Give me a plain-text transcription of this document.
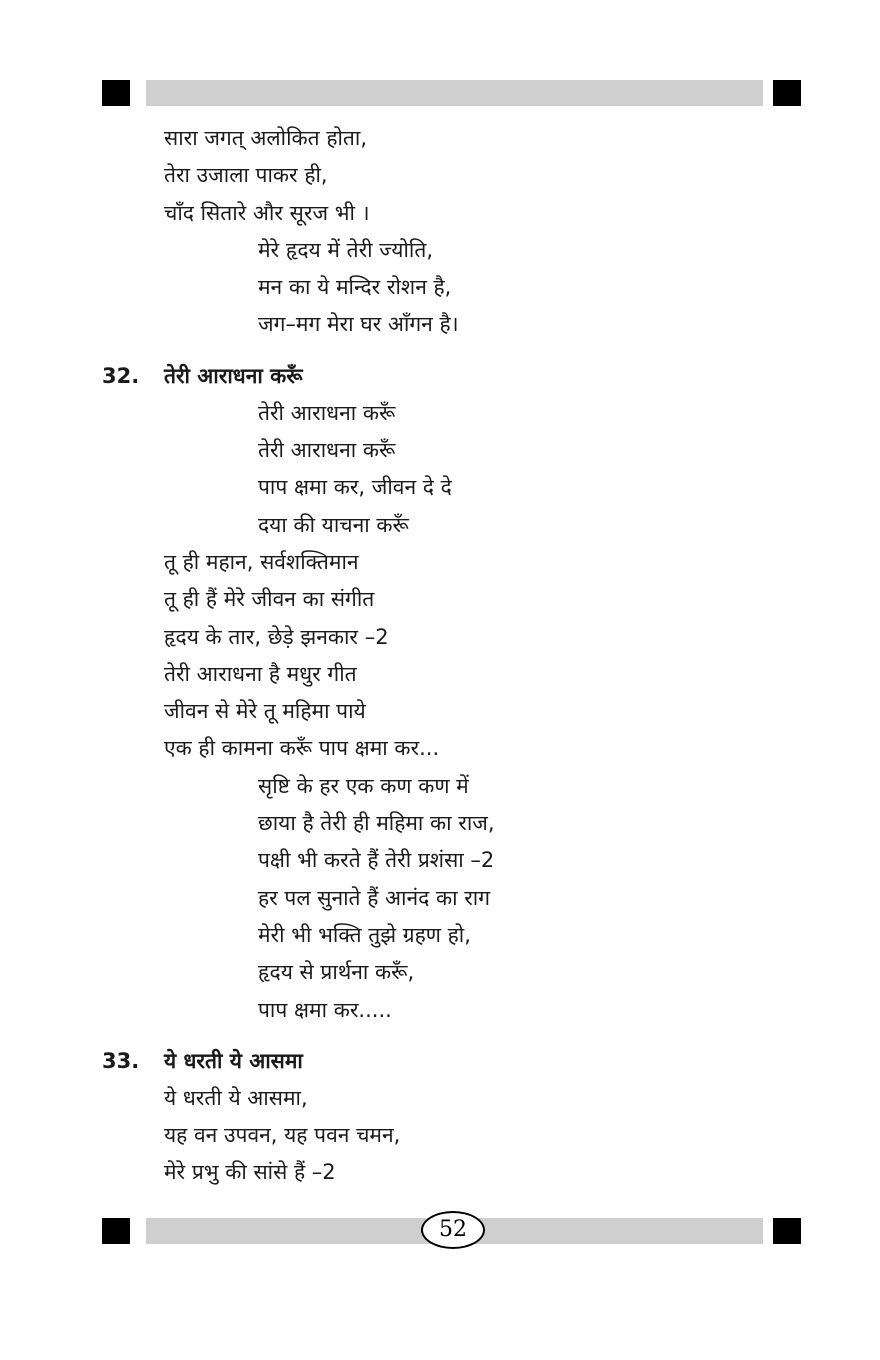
सारा जगत् अलोकित होता,
तेरा उजाला पाकर ही,
चाँद सितारे और सूरज भी ।
मेरे हृदय में तेरी ज्योति,
मन का ये मन्दिर रोशन है,
जग–मग मेरा घर आँगन है।
32. तेरी आराधना करूँ
तेरी आराधना करूँ
तेरी आराधना करूँ
पाप क्षमा कर, जीवन दे दे
दया की याचना करूँ
तू ही महान, सर्वशक्तिमान
तू ही हैं मेरे जीवन का संगीत
हृदय के तार, छेड़े झनकार –2
तेरी आराधना है मधुर गीत
जीवन से मेरे तू महिमा पाये
एक ही कामना करूँ पाप क्षमा कर...
सृष्टि के हर एक कण कण में
छाया है तेरी ही महिमा का राज,
पक्षी भी करते हैं तेरी प्रशंसा –2
हर पल सुनाते हैं आनंद का राग
मेरी भी भक्ति तुझे ग्रहण हो,
हृदय से प्रार्थना करूँ,
पाप क्षमा कर.....
33. ये धरती ये आसमा
ये धरती ये आसमा,
यह वन उपवन, यह पवन चमन,
मेरे प्रभु की सांसे हैं –2
52
